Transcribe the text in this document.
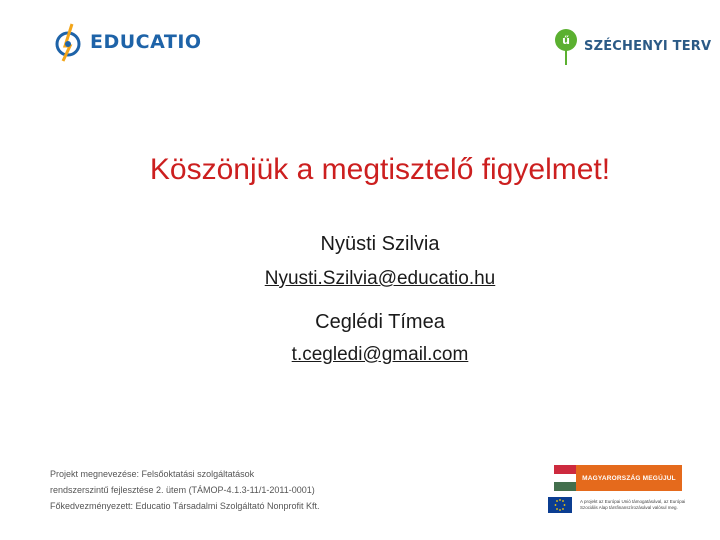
EDUCATIO	ű SZÉCHENYI TERV
Köszönjük a megtisztelő figyelmet!
Nyüsti Szilvia
Nyusti.Szilvia@educatio.hu
Ceglédi Tímea
t.cegledi@gmail.com
Projekt megnevezése: Felsőoktatási szolgáltatások
rendszerszintű fejlesztése 2. ütem (TÁMOP-4.1.3-11/1-2011-0001)
Főkedvezményezett: Educatio Társadalmi Szolgáltató Nonprofit Kft.
MAGYARORSZÁG MEGÚJUL
A projekt az Európai Unió támogatásával, az Európai Szociális Alap társfinanszírozásával valósul meg.
